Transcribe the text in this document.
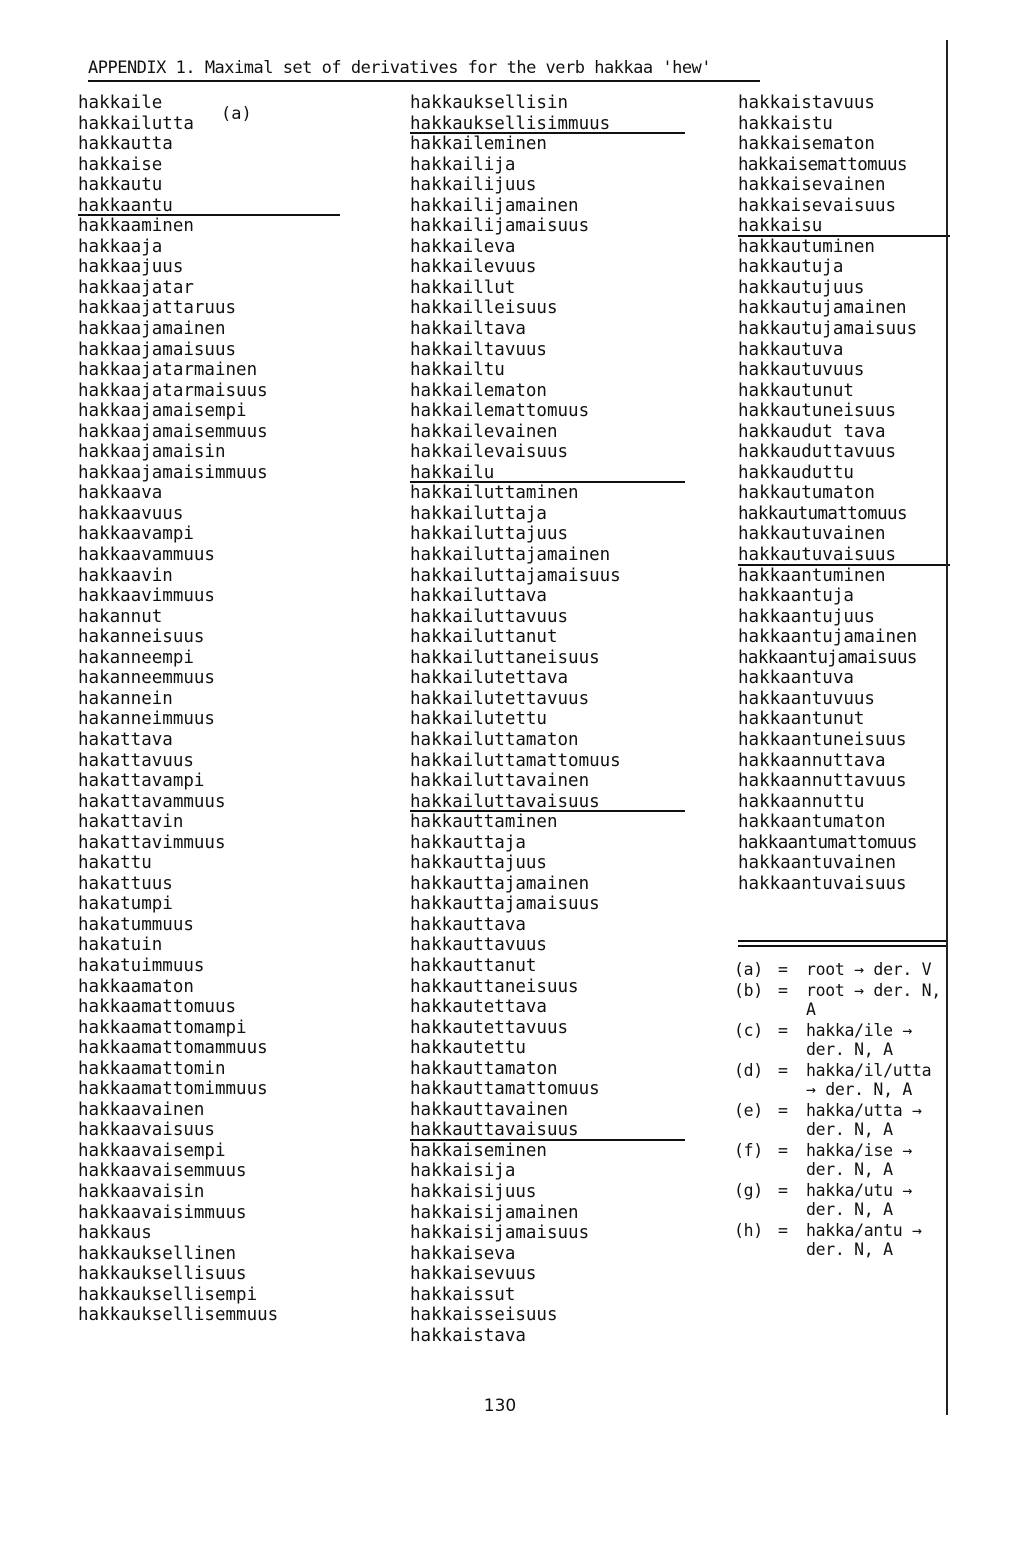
APPENDIX 1. Maximal set of derivatives for the verb hakkaa 'hew'
(a)
hakkaile
hakkailutta
hakkautta
hakkaise
hakkautu
hakkaantu
hakkaaminen
hakkaaja
hakkaajuus
hakkaajatar
hakkaajattaruus
hakkaajamainen
hakkaajamaisuus
hakkaajatarmainen
hakkaajatarmaisuus
hakkaajamaisempi
hakkaajamaisemmuus
hakkaajamaisin
hakkaajamaisimmuus
hakkaava
hakkaavuus
hakkaavampi
hakkaavammuus
hakkaavin
hakkaavimmuus
hakannut
hakanneisuus
hakanneempi
hakanneemmuus
hakannein
hakanneimmuus
hakattava
hakattavuus
hakattavampi
hakattavammuus
hakattavin
hakattavimmuus
hakattu
hakattuus
hakatumpi
hakatummuus
hakatuin
hakatuimmuus
hakkaamaton
hakkaamattomuus
hakkaamattomampi
hakkaamattomammuus
hakkaamattomin
hakkaamattomimmuus
hakkaavainen
hakkaavaisuus
hakkaavaisempi
hakkaavaisemmuus
hakkaavaisin
hakkaavaisimmuus
hakkaus
hakkauksellinen
hakkauksellisuus
hakkauksellisempi
hakkauksellisemmuus
hakkauksellisin
hakkauksellisimmuus
hakkaileminen
hakkailija
hakkailijuus
hakkailijamainen
hakkailijamaisuus
hakkaileva
hakkailevuus
hakkaillut
hakkailleisuus
hakkailtava
hakkailtavuus
hakkailtu
hakkailematon
hakkailemattomuus
hakkailevainen
hakkailevaisuus
hakkailu
hakkailuttaminen
hakkailuttaja
hakkailuttajuus
hakkailuttajamainen
hakkailuttajamaisuus
hakkailuttava
hakkailuttavuus
hakkailuttanut
hakkailuttaneisuus
hakkailutettava
hakkailutettavuus
hakkailutettu
hakkailuttamaton
hakkailuttamattomuus
hakkailuttavainen
hakkailuttavaisuus
hakkauttaminen
hakkauttaja
hakkauttajuus
hakkauttajamainen
hakkauttajamaisuus
hakkauttava
hakkauttavuus
hakkauttanut
hakkauttaneisuus
hakkautettava
hakkautettavuus
hakkautettu
hakkauttamaton
hakkauttamattomuus
hakkauttavainen
hakkauttavaisuus
hakkaiseminen
hakkaisija
hakkaisijuus
hakkaisijamainen
hakkaisijamaisuus
hakkaiseva
hakkaisevuus
hakkaissut
hakkaisseisuus
hakkaistava
hakkaistavuus
hakkaistu
hakkaisematon
hakkaisemattomuus
hakkaisevainen
hakkaisevaisuus
hakkaisu
hakkautuminen
hakkautuja
hakkautujuus
hakkautujamainen
hakkautujamaisuus
hakkautuva
hakkautuvuus
hakkautunut
hakkautuneisuus
hakkaudut tava
hakkauduttavuus
hakkauduttu
hakkautumaton
hakkautumattomuus
hakkautuvainen
hakkautuvaisuus
hakkaantuminen
hakkaantuja
hakkaantujuus
hakkaantujamainen
hakkaantujamaisuus
hakkaantuva
hakkaantuvuus
hakkaantunut
hakkaantuneisuus
hakkaannuttava
hakkaannuttavuus
hakkaannuttu
hakkaantumaton
hakkaantumattomuus
hakkaantuvainen
hakkaantuvaisuus
(a) =	root → der. V
(b) =	root → der. N, A
(c) =	hakka/ile → der. N, A
(d) =	hakka/il/utta → der. N, A
(e) =	hakka/utta → der. N, A
(f) =	hakka/ise → der. N, A
(g) =	hakka/utu → der. N, A
(h) =	hakka/antu → der. N, A
130
